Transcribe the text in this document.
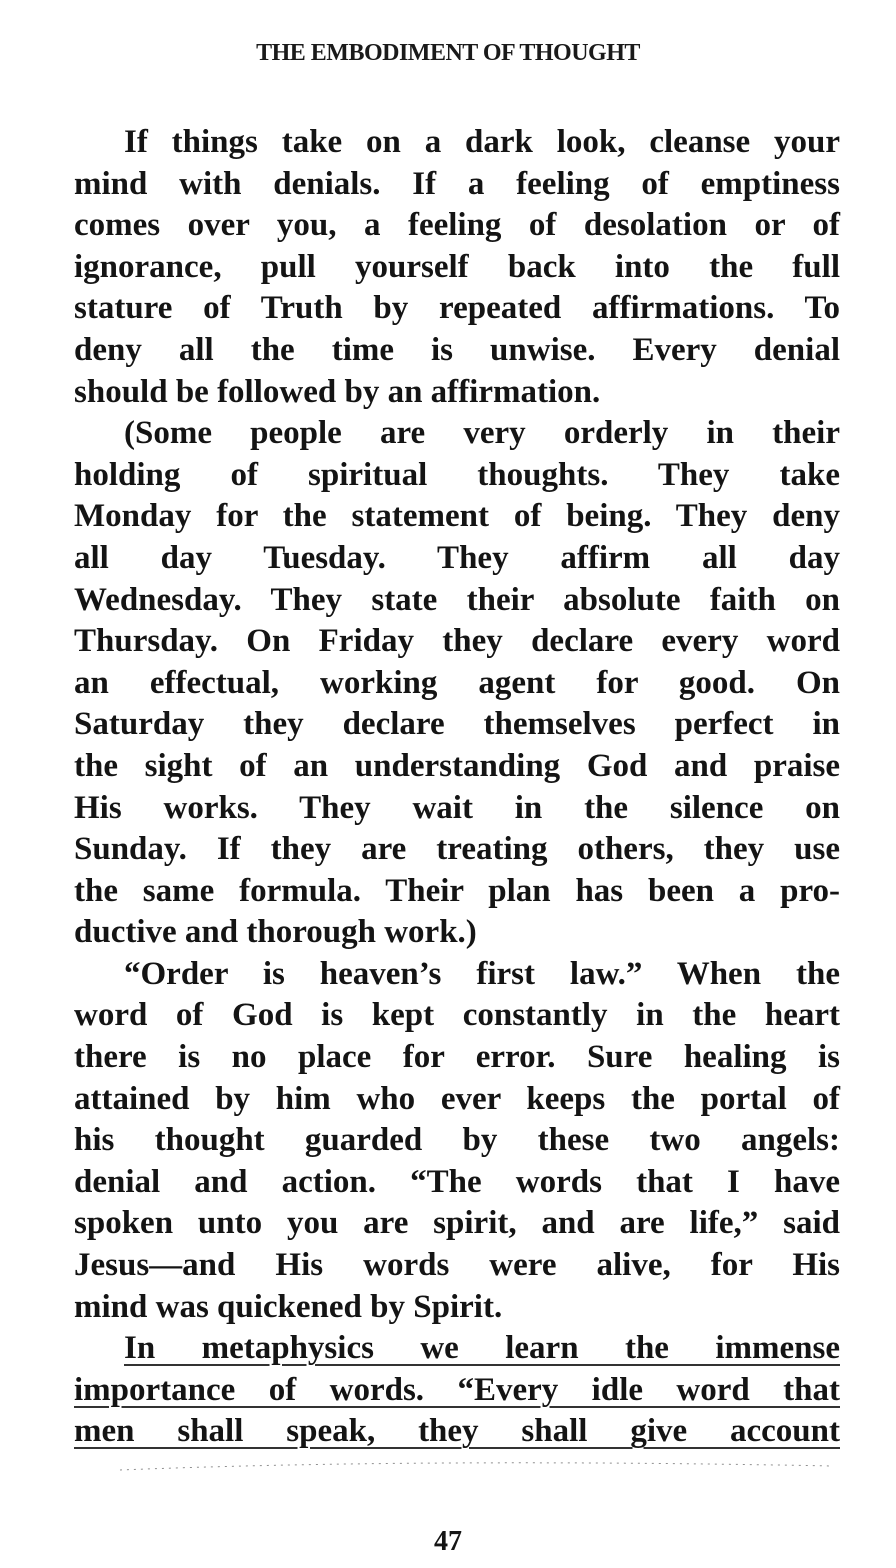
THE EMBODIMENT OF THOUGHT
If things take on a dark look, cleanse your
mind with denials. If a feeling of emptiness
comes over you, a feeling of desolation or of
ignorance, pull yourself back into the full
stature of Truth by repeated affirmations. To
deny all the time is unwise. Every denial
should be followed by an affirmation.
(Some people are very orderly in their
holding of spiritual thoughts. They take
Monday for the statement of being. They deny
all day Tuesday. They affirm all day
Wednesday. They state their absolute faith on
Thursday. On Friday they declare every word
an effectual, working agent for good. On
Saturday they declare themselves perfect in
the sight of an understanding God and praise
His works. They wait in the silence on
Sunday. If they are treating others, they use
the same formula. Their plan has been a pro-
ductive and thorough work.)
“Order is heaven’s first law.” When the
word of God is kept constantly in the heart
there is no place for error. Sure healing is
attained by him who ever keeps the portal of
his thought guarded by these two angels:
denial and action. “The words that I have
spoken unto you are spirit, and are life,” said
Jesus—and His words were alive, for His
mind was quickened by Spirit.
In metaphysics we learn the immense
importance of words. “Every idle word that
men shall speak, they shall give account
47
